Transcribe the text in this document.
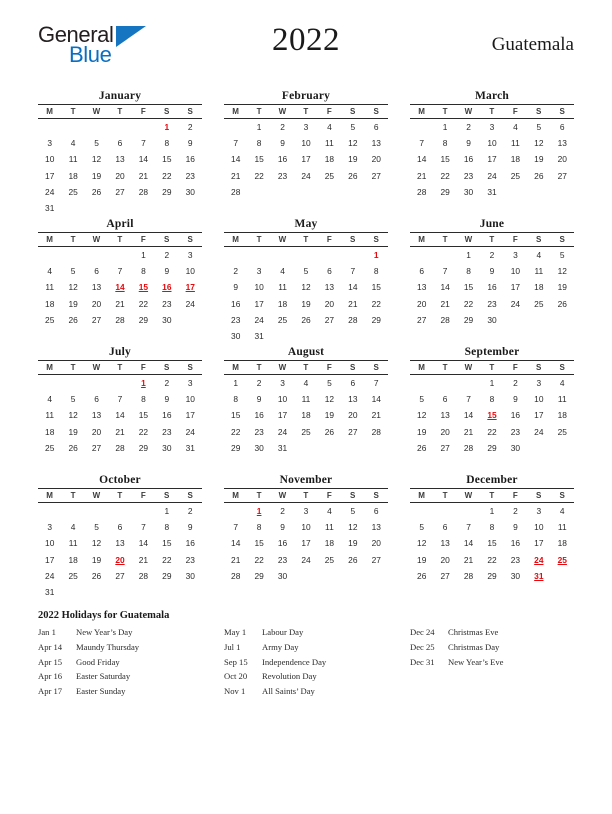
General
Blue	2022	Guatemala
January
M	T	W	T	F	S	S
					1	2
3	4	5	6	7	8	9
10	11	12	13	14	15	16
17	18	19	20	21	22	23
24	25	26	27	28	29	30
31						
February
M	T	W	T	F	S	S
	1	2	3	4	5	6
7	8	9	10	11	12	13
14	15	16	17	18	19	20
21	22	23	24	25	26	27
28						
March
M	T	W	T	F	S	S
	1	2	3	4	5	6
7	8	9	10	11	12	13
14	15	16	17	18	19	20
21	22	23	24	25	26	27
28	29	30	31			
April
M	T	W	T	F	S	S
				1	2	3
4	5	6	7	8	9	10
11	12	13	14	15	16	17
18	19	20	21	22	23	24
25	26	27	28	29	30	
May
M	T	W	T	F	S	S
						1
2	3	4	5	6	7	8
9	10	11	12	13	14	15
16	17	18	19	20	21	22
23	24	25	26	27	28	29
30	31					
June
M	T	W	T	F	S	S
		1	2	3	4	5
6	7	8	9	10	11	12
13	14	15	16	17	18	19
20	21	22	23	24	25	26
27	28	29	30			
July
M	T	W	T	F	S	S
				1	2	3
4	5	6	7	8	9	10
11	12	13	14	15	16	17
18	19	20	21	22	23	24
25	26	27	28	29	30	31
August
M	T	W	T	F	S	S
1	2	3	4	5	6	7
8	9	10	11	12	13	14
15	16	17	18	19	20	21
22	23	24	25	26	27	28
29	30	31				
September
M	T	W	T	F	S	S
			1	2	3	4
5	6	7	8	9	10	11
12	13	14	15	16	17	18
19	20	21	22	23	24	25
26	27	28	29	30		
October
M	T	W	T	F	S	S
					1	2
3	4	5	6	7	8	9
10	11	12	13	14	15	16
17	18	19	20	21	22	23
24	25	26	27	28	29	30
31						
November
M	T	W	T	F	S	S
	1	2	3	4	5	6
7	8	9	10	11	12	13
14	15	16	17	18	19	20
21	22	23	24	25	26	27
28	29	30				
December
M	T	W	T	F	S	S
			1	2	3	4
5	6	7	8	9	10	11
12	13	14	15	16	17	18
19	20	21	22	23	24	25
26	27	28	29	30	31	
2022 Holidays for Guatemala
Jan 1	New Year’s Day
Apr 14	Maundy Thursday
Apr 15	Good Friday
Apr 16	Easter Saturday
Apr 17	Easter Sunday
May 1	Labour Day
Jul 1	Army Day
Sep 15	Independence Day
Oct 20	Revolution Day
Nov 1	All Saints’ Day
Dec 24	Christmas Eve
Dec 25	Christmas Day
Dec 31	New Year’s Eve
